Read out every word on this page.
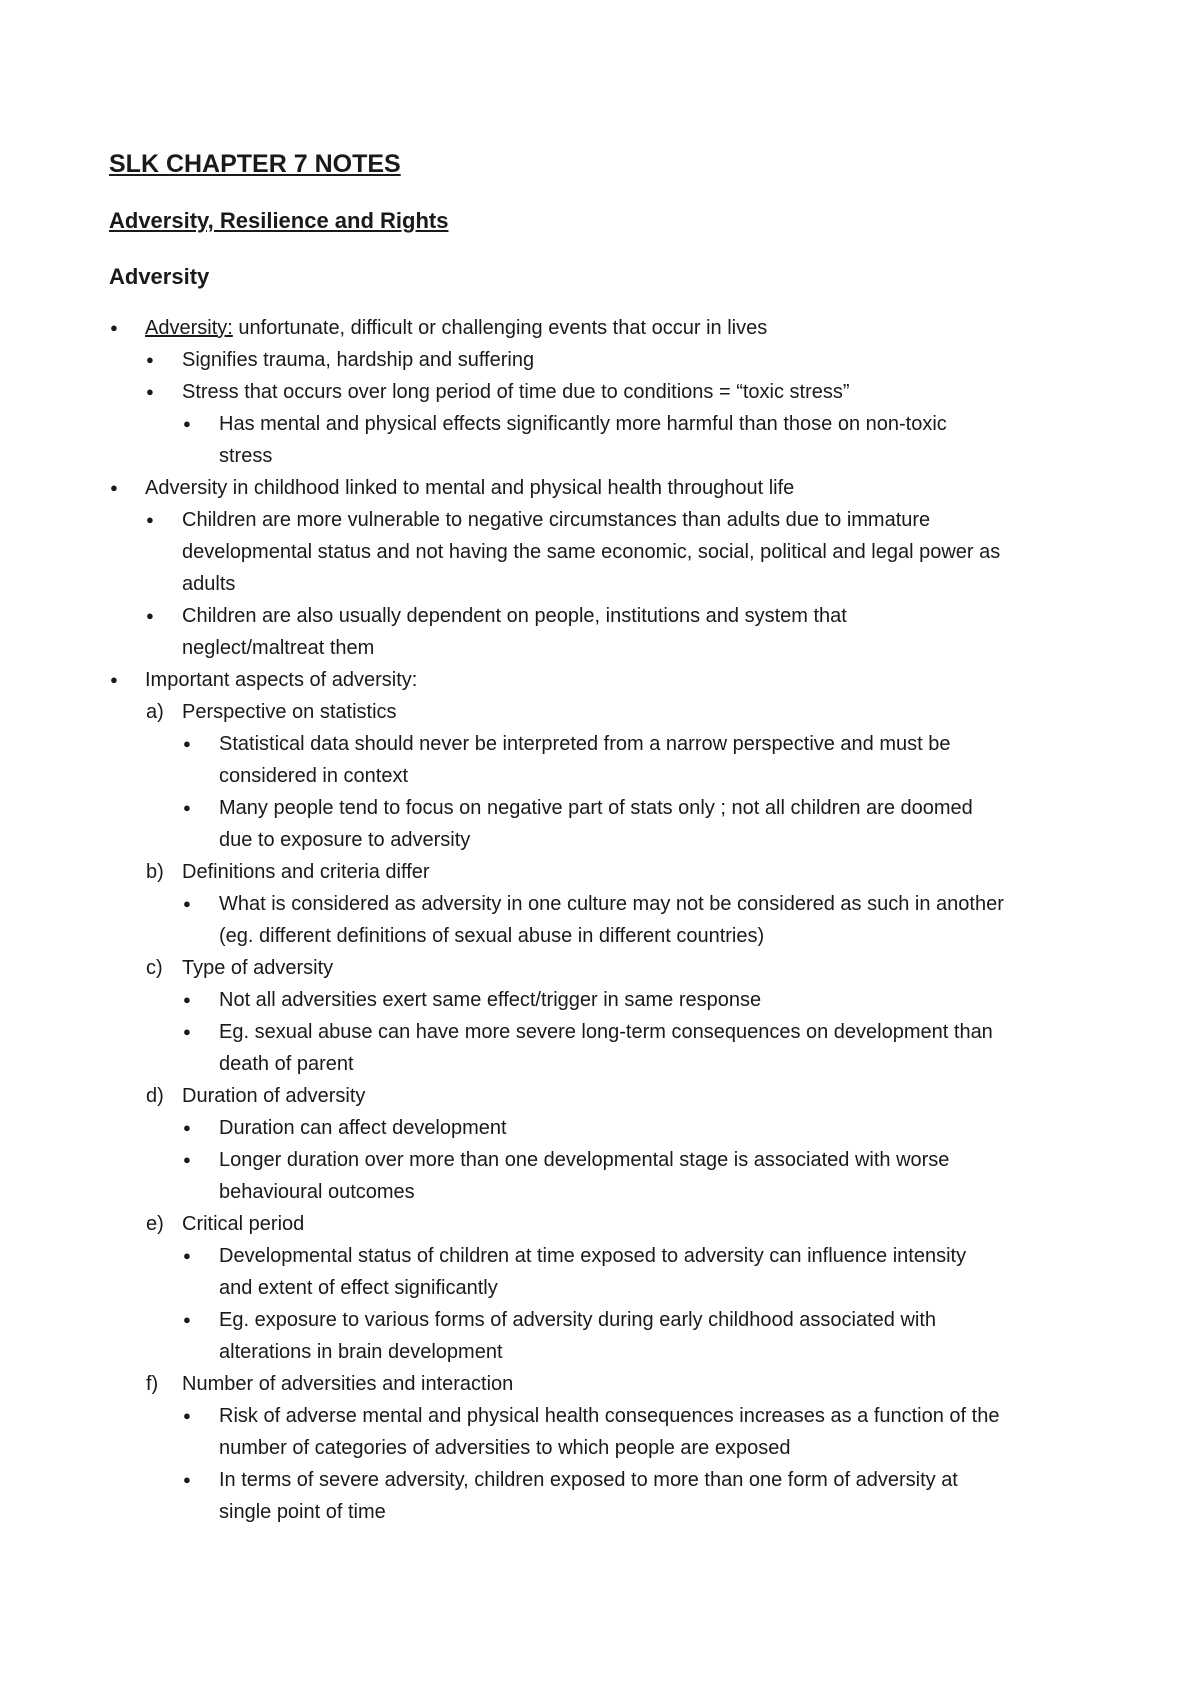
SLK CHAPTER 7 NOTES
Adversity, Resilience and Rights
Adversity
● Adversity: unfortunate, difficult or challenging events that occur in lives
● Signifies trauma, hardship and suffering
● Stress that occurs over long period of time due to conditions = “toxic stress”
● Has mental and physical effects significantly more harmful than those on non-toxic
stress
● Adversity in childhood linked to mental and physical health throughout life
● Children are more vulnerable to negative circumstances than adults due to immature
developmental status and not having the same economic, social, political and legal power as
adults
● Children are also usually dependent on people, institutions and system that
neglect/maltreat them
● Important aspects of adversity:
a) Perspective on statistics
● Statistical data should never be interpreted from a narrow perspective and must be
considered in context
● Many people tend to focus on negative part of stats only ; not all children are doomed
due to exposure to adversity
b) Definitions and criteria differ
● What is considered as adversity in one culture may not be considered as such in another
(eg. different definitions of sexual abuse in different countries)
c) Type of adversity
● Not all adversities exert same effect/trigger in same response
● Eg. sexual abuse can have more severe long-term consequences on development than
death of parent
d) Duration of adversity
● Duration can affect development
● Longer duration over more than one developmental stage is associated with worse
behavioural outcomes
e) Critical period
● Developmental status of children at time exposed to adversity can influence intensity
and extent of effect significantly
● Eg. exposure to various forms of adversity during early childhood associated with
alterations in brain development
f) Number of adversities and interaction
● Risk of adverse mental and physical health consequences increases as a function of the
number of categories of adversities to which people are exposed
● In terms of severe adversity, children exposed to more than one form of adversity at
single point of time
